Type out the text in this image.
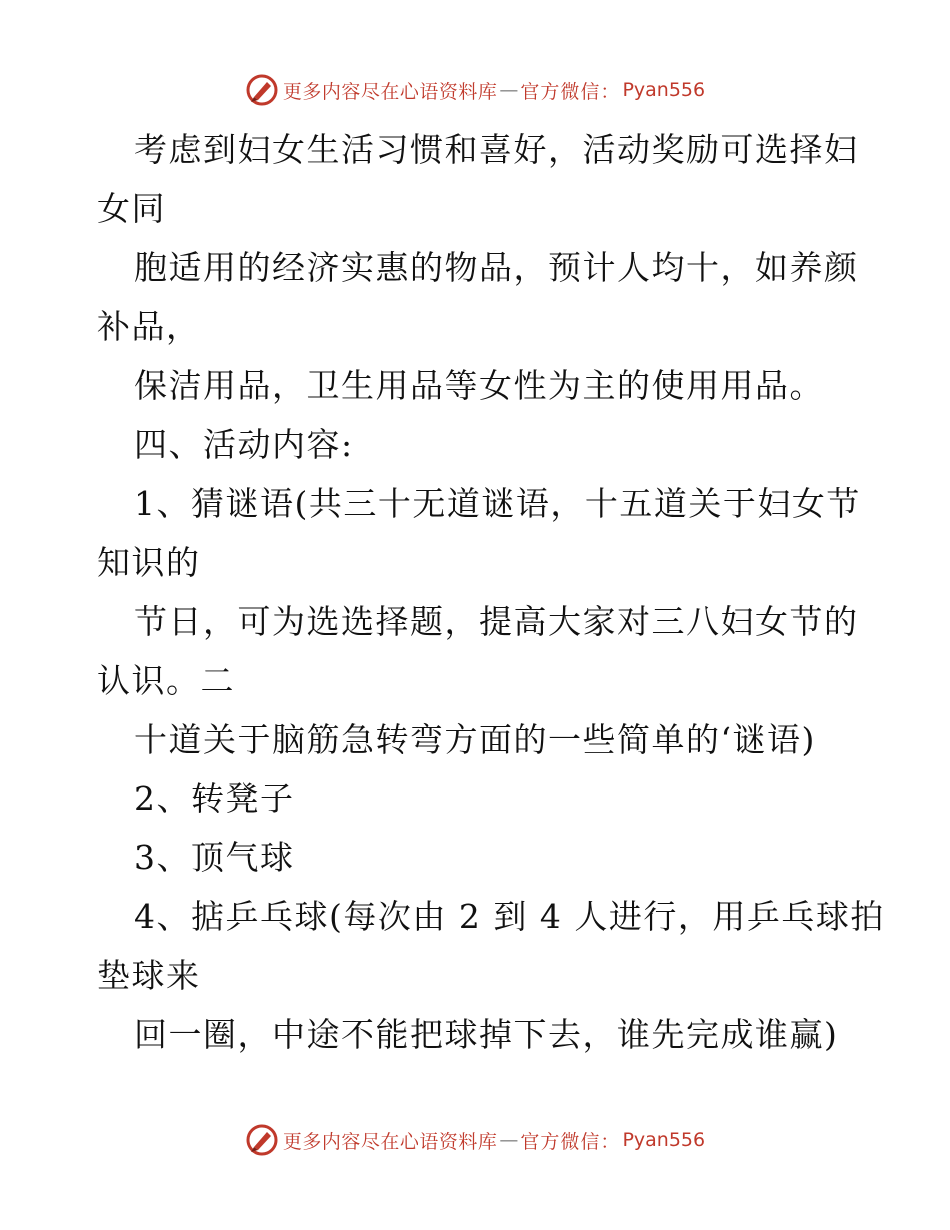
更多内容尽在心语资料库 — 官方微信： Pyan556
考虑到妇女生活习惯和喜好，活动奖励可选择妇
女同
胞适用的经济实惠的物品，预计人均十，如养颜
补品，
保洁用品，卫生用品等女性为主的使用用品。
四、活动内容:
1、猜谜语(共三十无道谜语，十五道关于妇女节
知识的
节日，可为选选择题，提高大家对三八妇女节的
认识。二
十道关于脑筋急转弯方面的一些简单的‘谜语)
2、转凳子
3、顶气球
4、掂乒乓球(每次由 2 到 4 人进行，用乒乓球拍
垫球来
回一圈，中途不能把球掉下去，谁先完成谁赢)
更多内容尽在心语资料库 — 官方微信： Pyan556
